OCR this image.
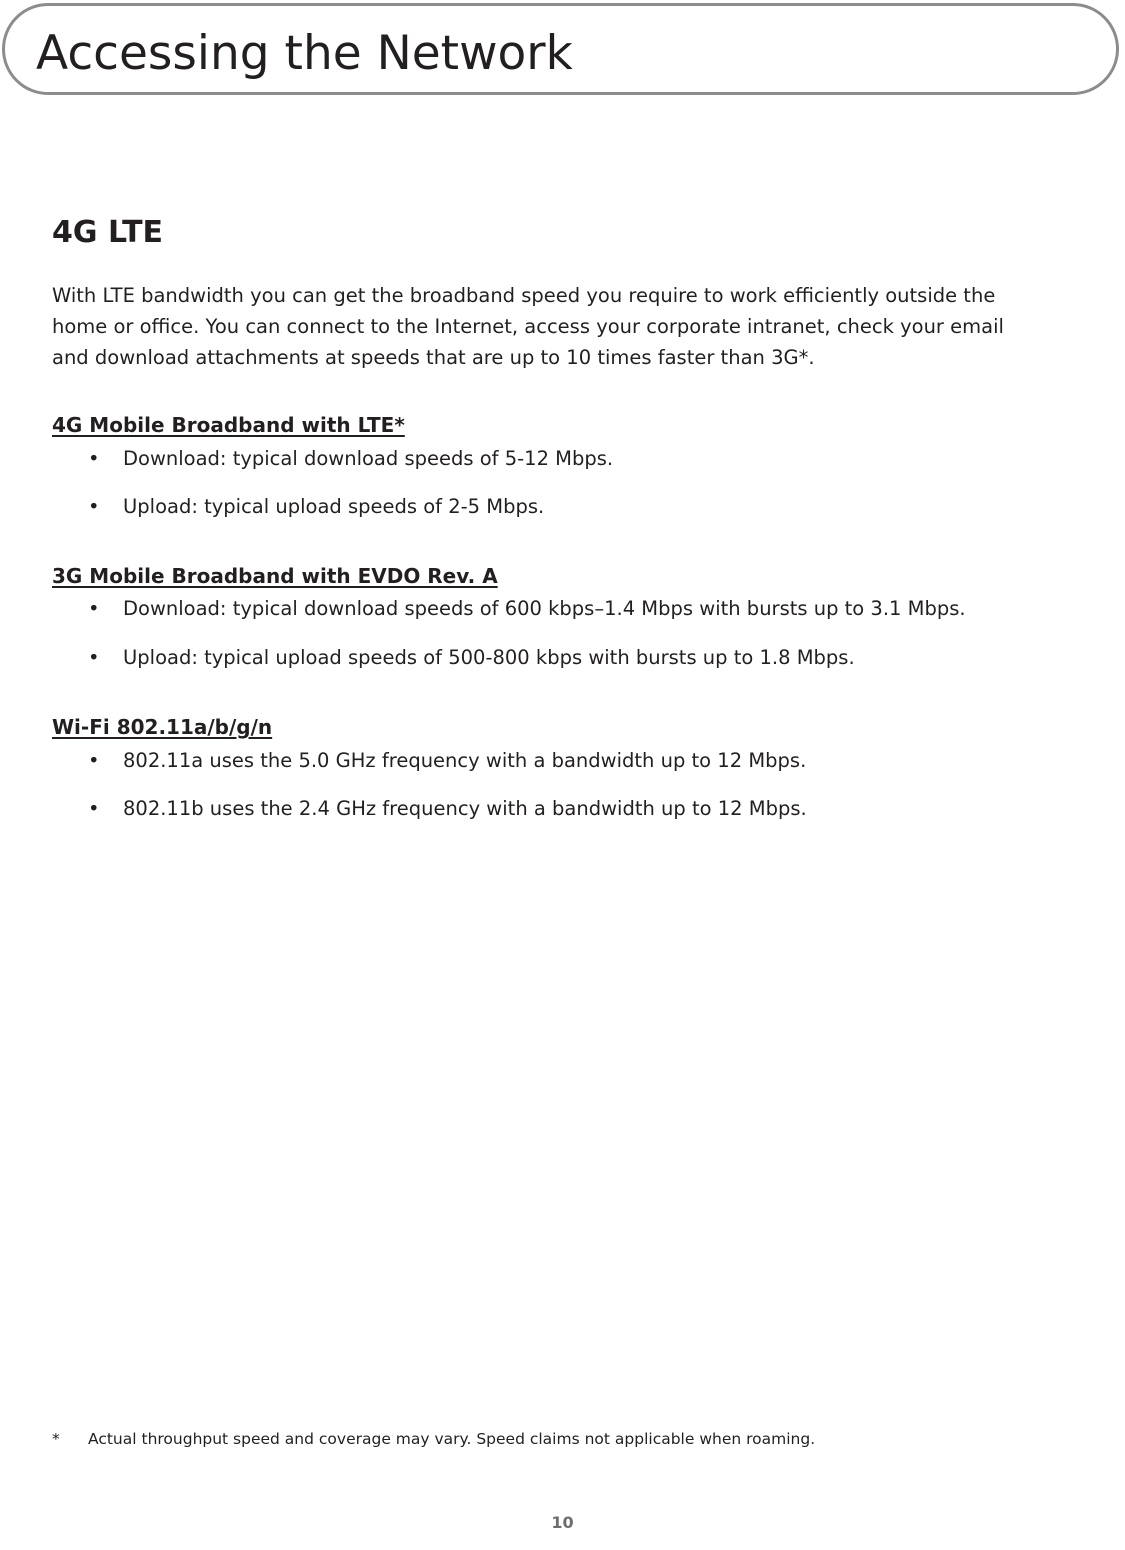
Accessing the Network
4G LTE
With LTE bandwidth you can get the broadband speed you require to work eﬃciently outside the
home or oﬃce. You can connect to the Internet, access your corporate intranet, check your email
and download attachments at speeds that are up to 10 times faster than 3G*.
4G Mobile Broadband with LTE*
• Download: typical download speeds of 5-12 Mbps.
• Upload: typical upload speeds of 2-5 Mbps.
3G Mobile Broadband with EVDO Rev. A
• Download: typical download speeds of 600 kbps–1.4 Mbps with bursts up to 3.1 Mbps.
• Upload: typical upload speeds of 500-800 kbps with bursts up to 1.8 Mbps.
Wi-Fi 802.11a/b/g/n
• 802.11a uses the 5.0 GHz frequency with a bandwidth up to 12 Mbps.
• 802.11b uses the 2.4 GHz frequency with a bandwidth up to 12 Mbps.
* Actual throughput speed and coverage may vary. Speed claims not applicable when roaming.
10
